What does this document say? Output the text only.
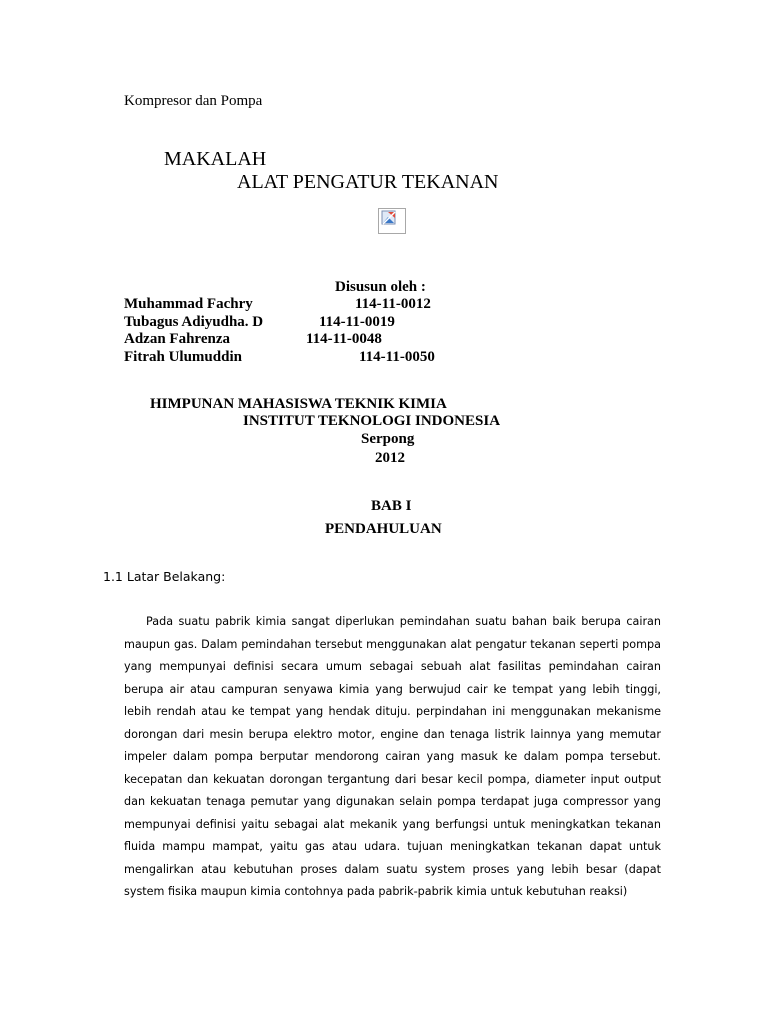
Kompresor dan Pompa
MAKALAH
ALAT PENGATUR TEKANAN
Disusun oleh :
Muhammad Fachry	114-11-0012
Tubagus Adiyudha. D	114-11-0019
Adzan Fahrenza	114-11-0048
Fitrah Ulumuddin	114-11-0050
HIMPUNAN MAHASISWA TEKNIK KIMIA
INSTITUT TEKNOLOGI INDONESIA
Serpong
2012
BAB I
PENDAHULUAN
1.1 Latar Belakang:
Pada suatu pabrik kimia sangat diperlukan pemindahan suatu bahan baik berupa cairan maupun gas. Dalam pemindahan tersebut menggunakan alat pengatur tekanan seperti pompa yang mempunyai definisi secara umum sebagai sebuah alat fasilitas pemindahan cairan berupa air atau campuran senyawa kimia yang berwujud cair ke tempat yang lebih tinggi, lebih rendah atau ke tempat yang hendak dituju. perpindahan ini menggunakan mekanisme dorongan dari mesin berupa elektro motor, engine dan tenaga listrik lainnya yang memutar impeler dalam pompa berputar mendorong cairan yang masuk ke dalam pompa tersebut. kecepatan dan kekuatan dorongan tergantung dari besar kecil pompa, diameter input output dan kekuatan tenaga pemutar yang digunakan selain pompa terdapat juga compressor yang mempunyai definisi yaitu sebagai alat mekanik yang berfungsi untuk meningkatkan tekanan fluida mampu mampat, yaitu gas atau udara. tujuan meningkatkan tekanan dapat untuk mengalirkan atau kebutuhan proses dalam suatu system proses yang lebih besar (dapat system fisika maupun kimia contohnya pada pabrik-pabrik kimia untuk kebutuhan reaksi)
